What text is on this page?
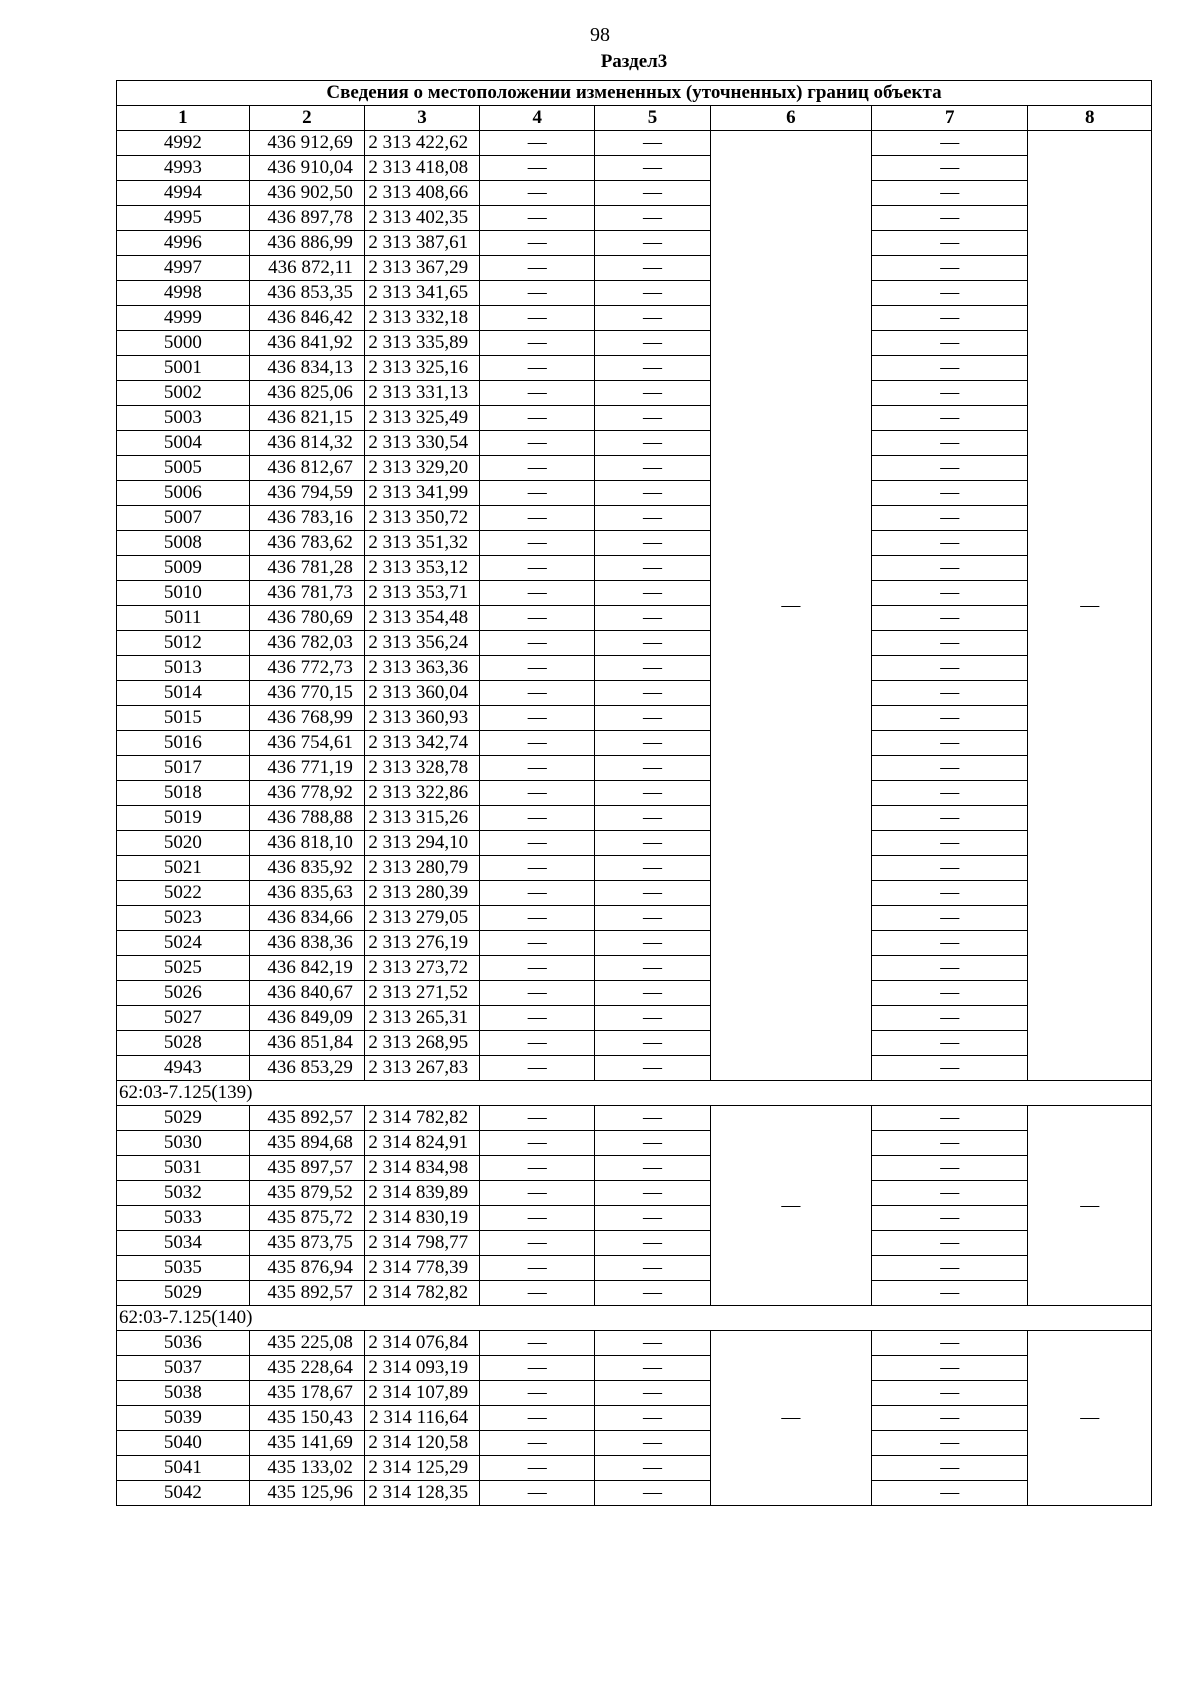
98
Раздел3
Сведения о местоположении измененных (уточненных) границ объекта							
1	2	3	4	5	6	7	8
4992	436 912,69	2 313 422,62	—	—	—	—	—
4993	436 910,04	2 313 418,08	—	—		—	
4994	436 902,50	2 313 408,66	—	—		—	
4995	436 897,78	2 313 402,35	—	—		—	
4996	436 886,99	2 313 387,61	—	—		—	
4997	436 872,11	2 313 367,29	—	—		—	
4998	436 853,35	2 313 341,65	—	—		—	
4999	436 846,42	2 313 332,18	—	—		—	
5000	436 841,92	2 313 335,89	—	—		—	
5001	436 834,13	2 313 325,16	—	—		—	
5002	436 825,06	2 313 331,13	—	—		—	
5003	436 821,15	2 313 325,49	—	—		—	
5004	436 814,32	2 313 330,54	—	—		—	
5005	436 812,67	2 313 329,20	—	—		—	
5006	436 794,59	2 313 341,99	—	—		—	
5007	436 783,16	2 313 350,72	—	—		—	
5008	436 783,62	2 313 351,32	—	—		—	
5009	436 781,28	2 313 353,12	—	—		—	
5010	436 781,73	2 313 353,71	—	—		—	
5011	436 780,69	2 313 354,48	—	—		—	
5012	436 782,03	2 313 356,24	—	—		—	
5013	436 772,73	2 313 363,36	—	—		—	
5014	436 770,15	2 313 360,04	—	—		—	
5015	436 768,99	2 313 360,93	—	—		—	
5016	436 754,61	2 313 342,74	—	—		—	
5017	436 771,19	2 313 328,78	—	—		—	
5018	436 778,92	2 313 322,86	—	—		—	
5019	436 788,88	2 313 315,26	—	—		—	
5020	436 818,10	2 313 294,10	—	—		—	
5021	436 835,92	2 313 280,79	—	—		—	
5022	436 835,63	2 313 280,39	—	—		—	
5023	436 834,66	2 313 279,05	—	—		—	
5024	436 838,36	2 313 276,19	—	—		—	
5025	436 842,19	2 313 273,72	—	—		—	
5026	436 840,67	2 313 271,52	—	—		—	
5027	436 849,09	2 313 265,31	—	—		—	
5028	436 851,84	2 313 268,95	—	—		—	
4943	436 853,29	2 313 267,83	—	—		—	
62:03-7.125(139)							
5029	435 892,57	2 314 782,82	—	—	—	—	—
5030	435 894,68	2 314 824,91	—	—		—	
5031	435 897,57	2 314 834,98	—	—		—	
5032	435 879,52	2 314 839,89	—	—		—	
5033	435 875,72	2 314 830,19	—	—		—	
5034	435 873,75	2 314 798,77	—	—		—	
5035	435 876,94	2 314 778,39	—	—		—	
5029	435 892,57	2 314 782,82	—	—		—	
62:03-7.125(140)							
5036	435 225,08	2 314 076,84	—	—	—	—	—
5037	435 228,64	2 314 093,19	—	—		—	
5038	435 178,67	2 314 107,89	—	—		—	
5039	435 150,43	2 314 116,64	—	—		—	
5040	435 141,69	2 314 120,58	—	—		—	
5041	435 133,02	2 314 125,29	—	—		—	
5042	435 125,96	2 314 128,35	—	—		—	
